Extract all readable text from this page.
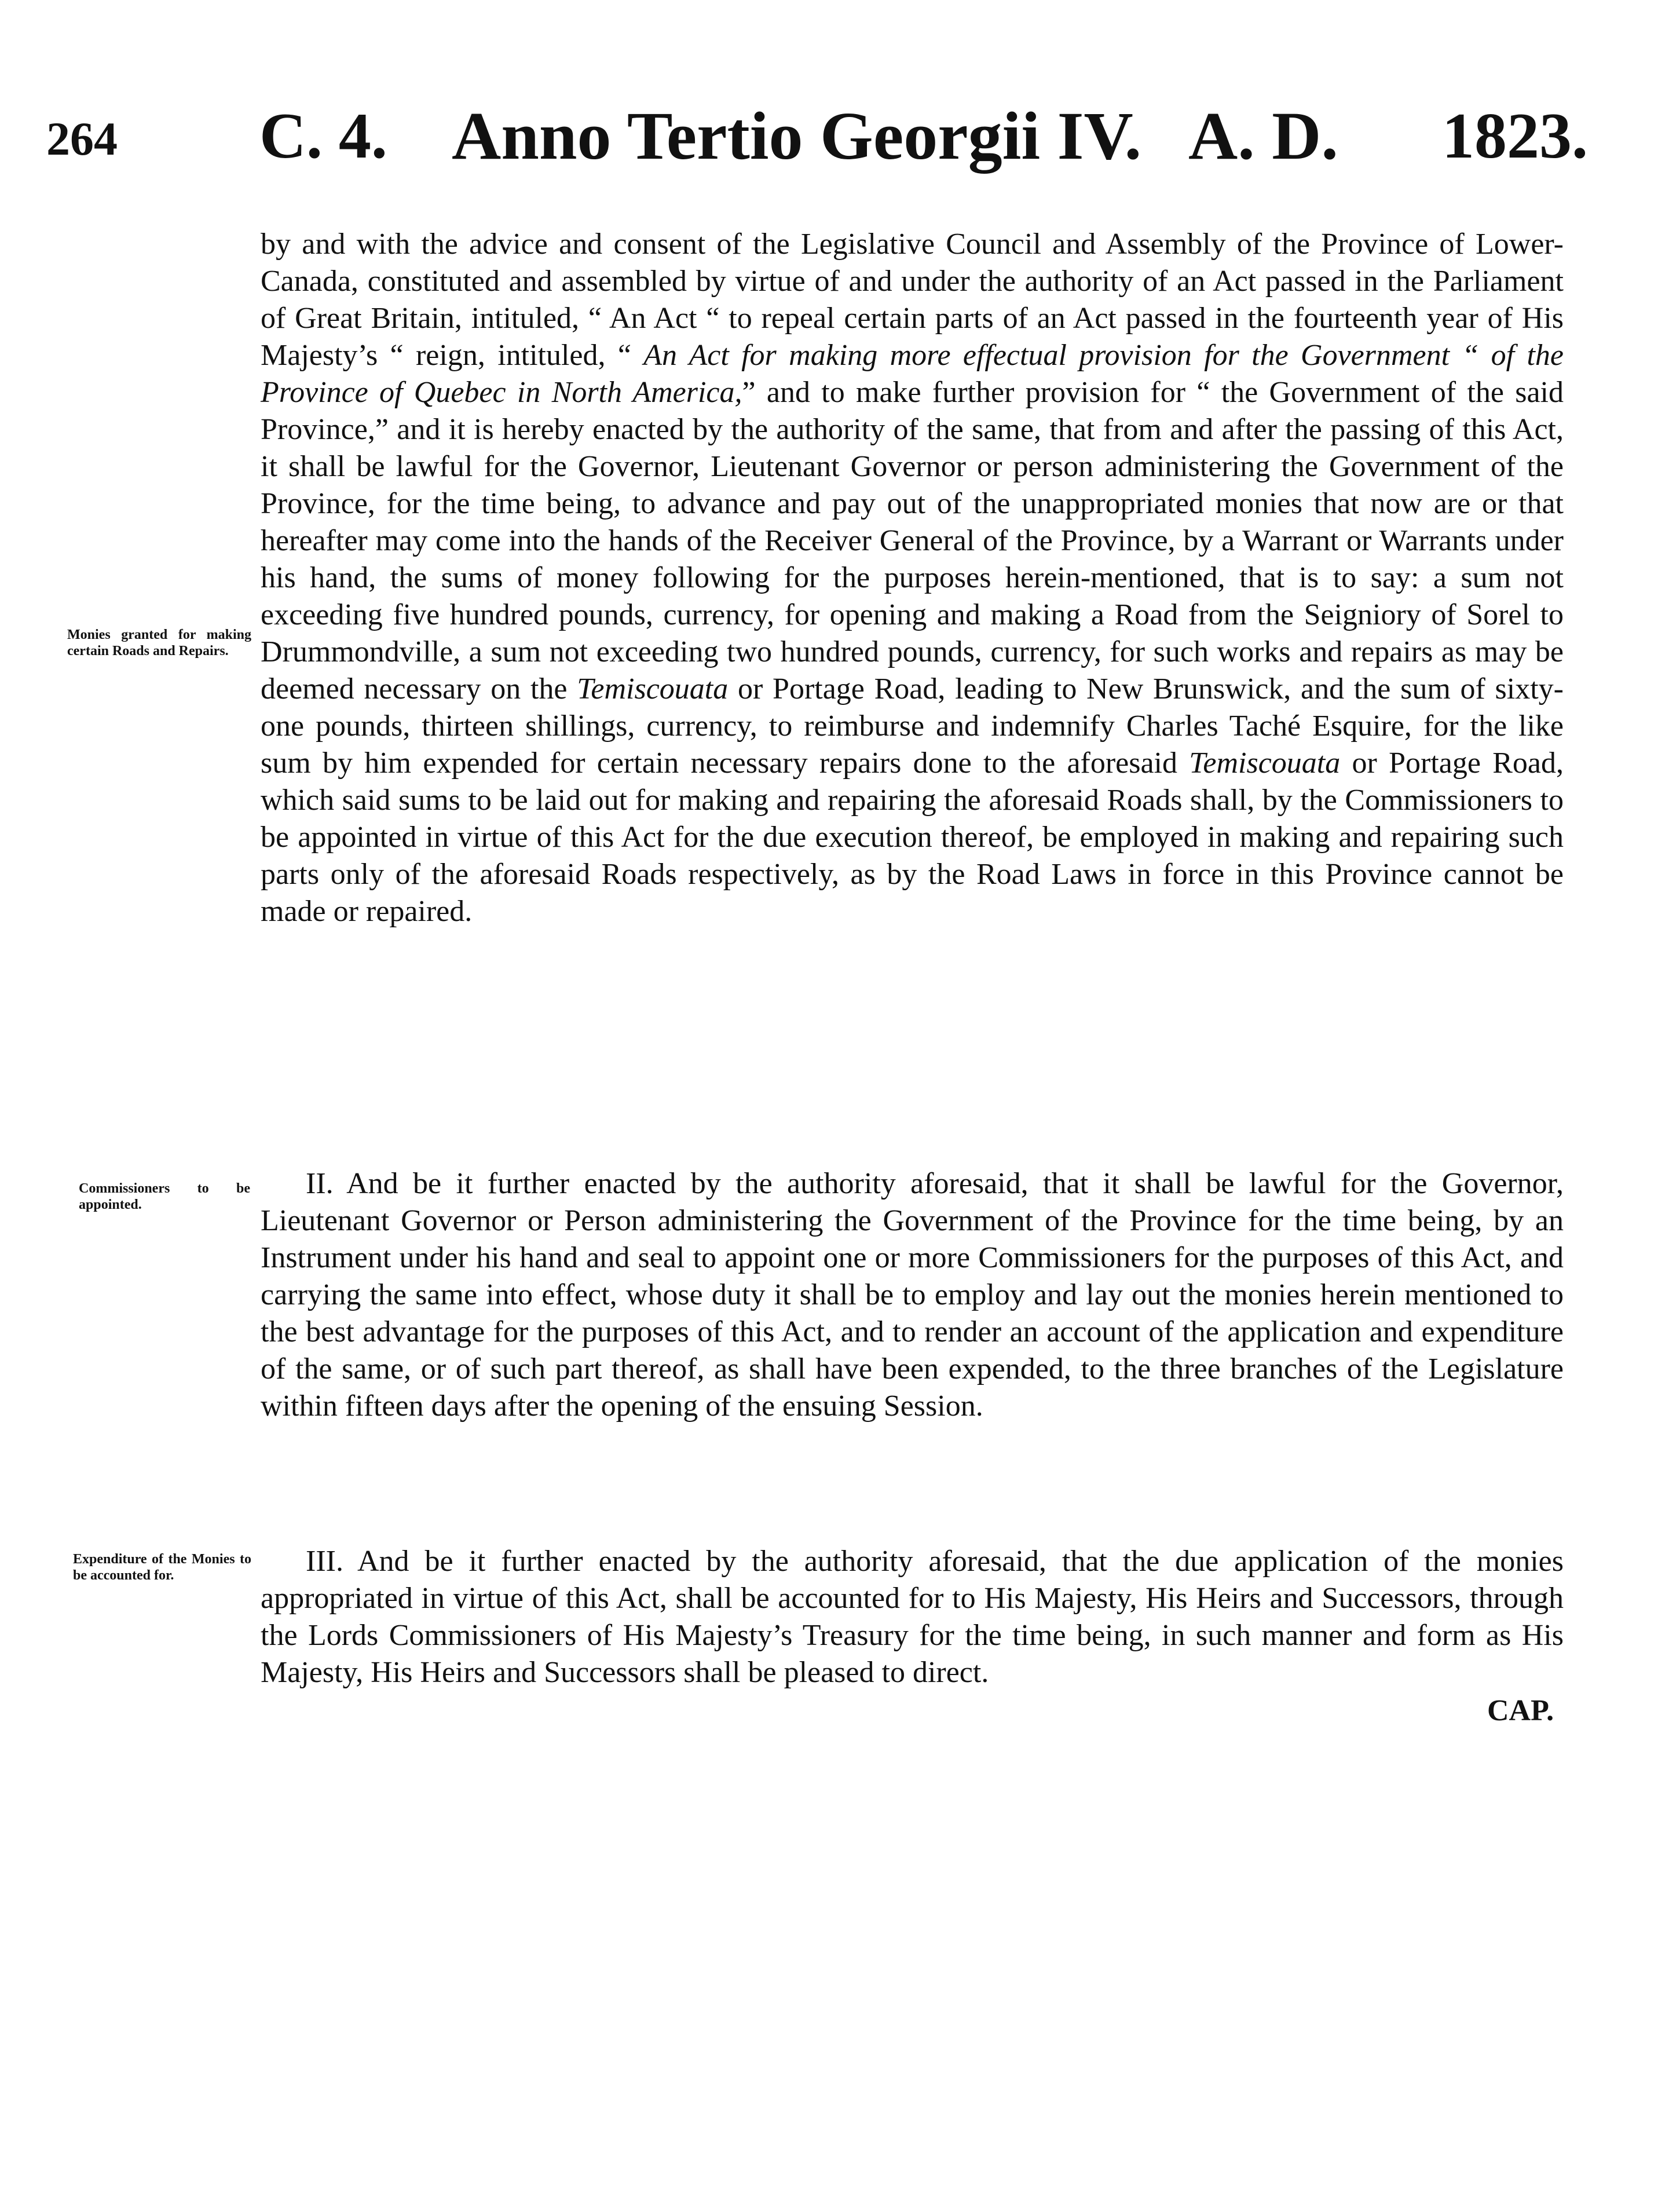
264 C. 4. Anno Tertio Georgii IV. A. D. 1823.
Monies granted for making certain Roads and Repairs.
Commissioners to be appointed.
Expenditure of the Monies to be accounted for.
by and with the advice and consent of the Legislative Council and Assembly of the Province of Lower-Canada, constituted and assembled by virtue of and under the authority of an Act passed in the Parliament of Great Britain, intituled, “ An Act “ to repeal certain parts of an Act passed in the fourteenth year of His Majesty’s “ reign, intituled, “ An Act for making more effectual provision for the Government “ of the Province of Quebec in North America,” and to make further provision for “ the Government of the said Province,” and it is hereby enacted by the authority of the same, that from and after the passing of this Act, it shall be lawful for the Governor, Lieutenant Governor or person administering the Government of the Province, for the time being, to advance and pay out of the unappropriated monies that now are or that hereafter may come into the hands of the Receiver General of the Province, by a Warrant or Warrants under his hand, the sums of money following for the purposes herein-mentioned, that is to say: a sum not exceeding five hundred pounds, currency, for opening and making a Road from the Seigniory of Sorel to Drummondville, a sum not exceeding two hundred pounds, currency, for such works and repairs as may be deemed necessary on the Temiscouata or Portage Road, leading to New Brunswick, and the sum of sixty-one pounds, thirteen shillings, currency, to reimburse and indemnify Charles Taché Esquire, for the like sum by him expended for certain necessary repairs done to the aforesaid Temiscouata or Portage Road, which said sums to be laid out for making and repairing the aforesaid Roads shall, by the Commissioners to be appointed in virtue of this Act for the due execution thereof, be employed in making and repairing such parts only of the aforesaid Roads respectively, as by the Road Laws in force in this Province cannot be made or repaired.
II. And be it further enacted by the authority aforesaid, that it shall be lawful for the Governor, Lieutenant Governor or Person administering the Government of the Province for the time being, by an Instrument under his hand and seal to appoint one or more Commissioners for the purposes of this Act, and carrying the same into effect, whose duty it shall be to employ and lay out the monies herein mentioned to the best advantage for the purposes of this Act, and to render an account of the application and expenditure of the same, or of such part thereof, as shall have been expended, to the three branches of the Legislature within fifteen days after the opening of the ensuing Session.
III. And be it further enacted by the authority aforesaid, that the due application of the monies appropriated in virtue of this Act, shall be accounted for to His Majesty, His Heirs and Successors, through the Lords Commissioners of His Majesty’s Treasury for the time being, in such manner and form as His Majesty, His Heirs and Successors shall be pleased to direct.
CAP.
